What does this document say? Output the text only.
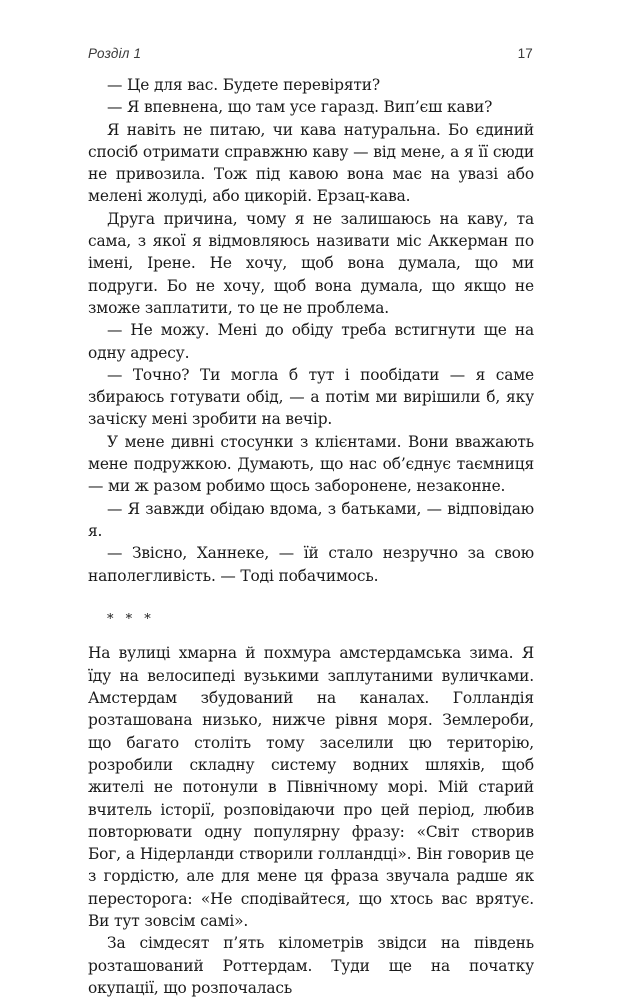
Розділ 1	17

— Це для вас. Будете перевіряти?

— Я впевнена, що там усе гаразд. Вип’єш кави?

Я навіть не питаю, чи кава натуральна. Бо єдиний спосіб отримати справжню каву — від мене, а я її сюди не привозила. Тож під кавою вона має на увазі або мелені жолуді, або цикорій. Ерзац-кава.

Друга причина, чому я не залишаюсь на каву, та сама, з якої я відмовляюсь називати міс Аккерман по імені, Ірене. Не хочу, щоб вона думала, що ми подруги. Бо не хочу, щоб вона думала, що якщо не зможе заплатити, то це не проблема.

— Не можу. Мені до обіду треба встигнути ще на одну адресу.

— Точно? Ти могла б тут і пообідати — я саме збираюсь готувати обід, — а потім ми вирішили б, яку зачіску мені зробити на вечір.

У мене дивні стосунки з клієнтами. Вони вважають мене подружкою. Думають, що нас об’єднує таємниця — ми ж разом робимо щось заборонене, незаконне.

— Я завжди обідаю вдома, з батьками, — відповідаю я.

— Звісно, Ханнеке, — їй стало незручно за свою наполегливість. — Тоді побачимось.

* * *

На вулиці хмарна й похмура амстердамська зима. Я їду на велосипеді вузькими заплутаними вуличками. Амстердам збудований на каналах. Голландія розташована низько, нижче рівня моря. Землероби, що багато століть тому заселили цю територію, розробили складну систему водних шляхів, щоб жителі не потонули в Північному морі. Мій старий вчитель історії, розповідаючи про цей період, любив повторювати одну популярну фразу: «Світ створив Бог, а Нідерланди створили голландці». Він говорив це з гордістю, але для мене ця фраза звучала радше як пересторога: «Не сподівайтеся, що хтось вас врятує. Ви тут зовсім самі».

За сімдесят п’ять кілометрів звідси на південь розташований Роттердам. Туди ще на початку окупації, що розпочалась
